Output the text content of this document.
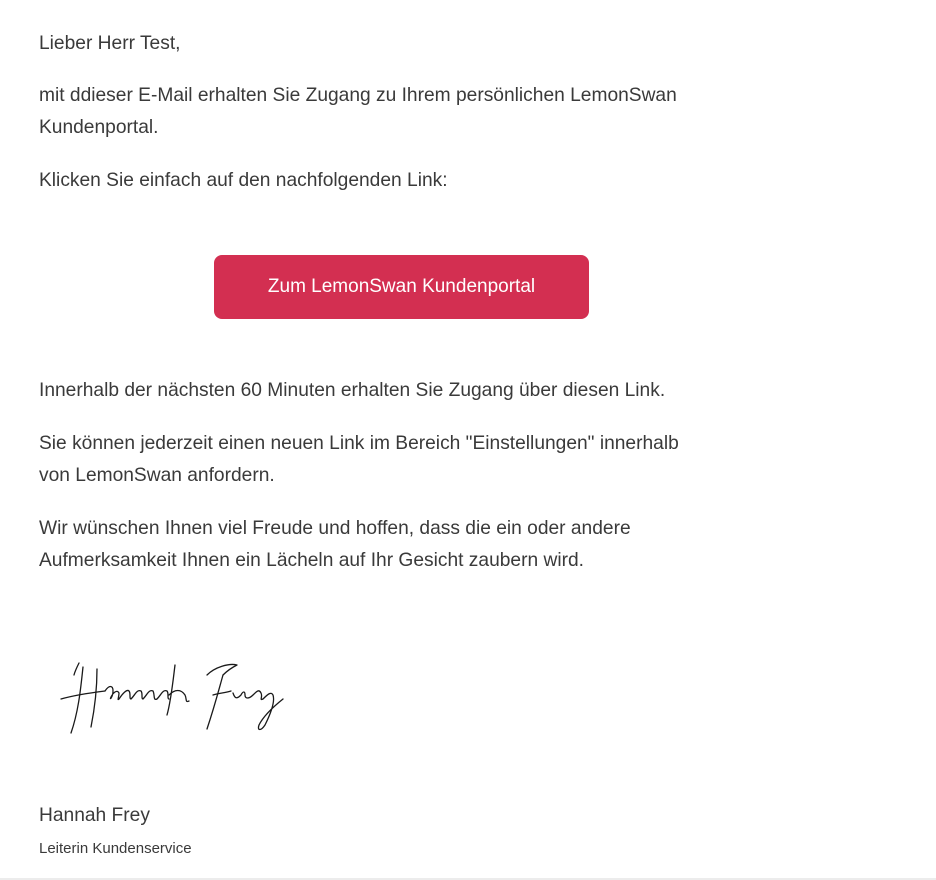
Lieber Herr Test,

mit ddieser E-Mail erhalten Sie Zugang zu Ihrem persönlichen LemonSwan

Kundenportal.

Klicken Sie einfach auf den nachfolgenden Link:

Zum LemonSwan Kundenportal

Innerhalb der nächsten 60 Minuten erhalten Sie Zugang über diesen Link.

Sie können jederzeit einen neuen Link im Bereich "Einstellungen" innerhalb

von LemonSwan anfordern.

Wir wünschen Ihnen viel Freude und hoffen, dass die ein oder andere

Aufmerksamkeit Ihnen ein Lächeln auf Ihr Gesicht zaubern wird.

Hannah Frey

Leiterin Kundenservice
